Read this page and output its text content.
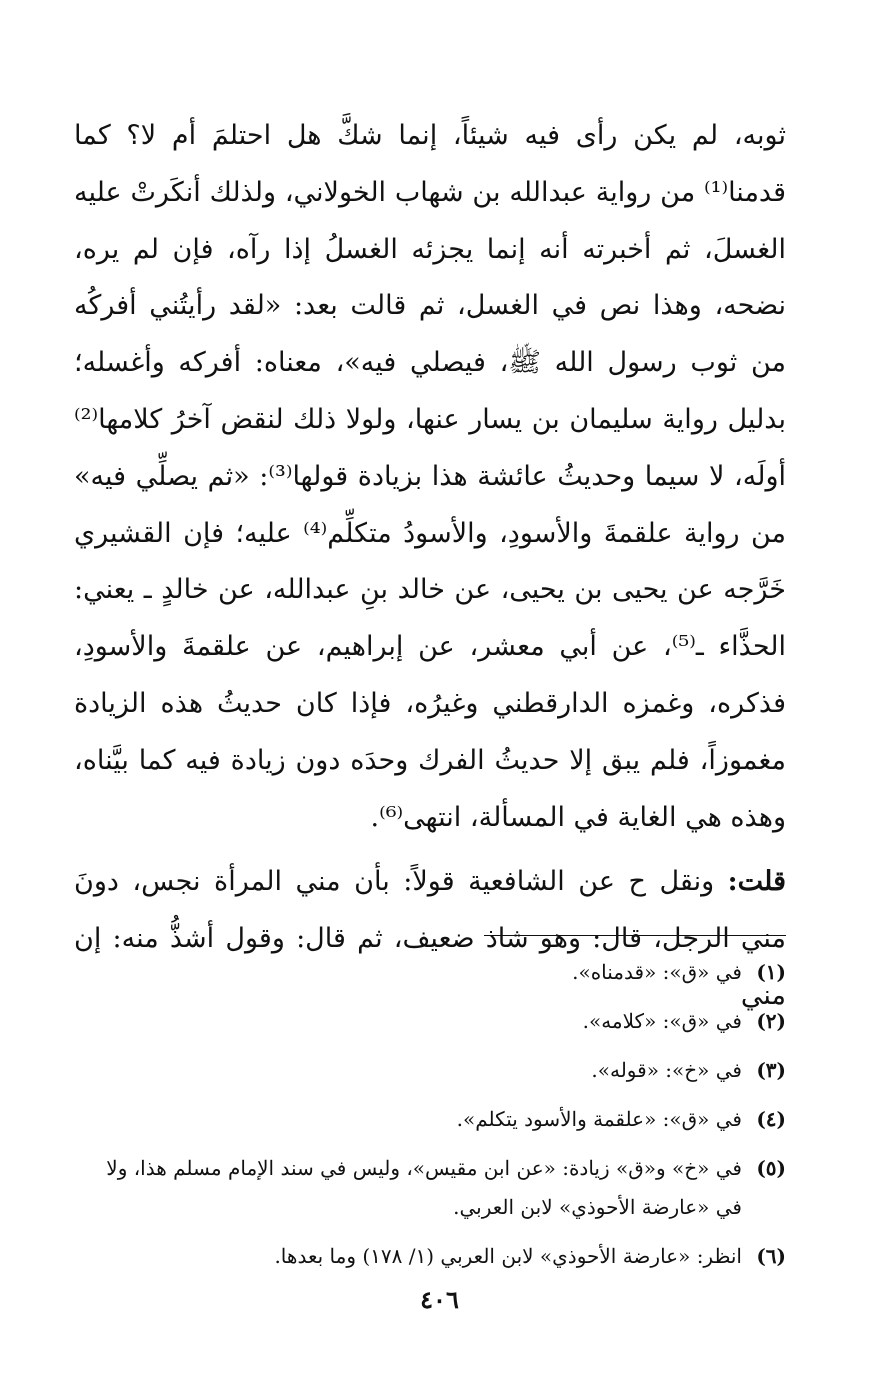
ثوبه، لم يكن رأى فيه شيئاً، إنما شكَّ هل احتلمَ أم لا؟ كما قدمنا⁽¹⁾ من رواية عبدالله بن شهاب الخولاني، ولذلك أنكَرتْ عليه الغسلَ، ثم أخبرته أنه إنما يجزئه الغسلُ إذا رآه، فإن لم يره، نضحه، وهذا نص في الغسل، ثم قالت بعد: «لقد رأيتُني أفركُه من ثوب رسول الله ﷺ، فيصلي فيه»، معناه: أفركه وأغسله؛ بدليل رواية سليمان بن يسار عنها، ولولا ذلك لنقض آخرُ كلامها⁽²⁾ أولَه، لا سيما وحديثُ عائشة هذا بزيادة قولها⁽³⁾: «ثم يصلِّي فيه» من رواية علقمةَ والأسودِ، والأسودُ متكلِّم⁽⁴⁾ عليه؛ فإن القشيري خَرَّجه عن يحيى بن يحيى، عن خالد بنِ عبدالله، عن خالدٍ ـ يعني: الحذَّاء ـ⁽⁵⁾، عن أبي معشر، عن إبراهيم، عن علقمةَ والأسودِ، فذكره، وغمزه الدارقطني وغيرُه، فإذا كان حديثُ هذه الزيادة مغموزاً، فلم يبق إلا حديثُ الفرك وحدَه دون زيادة فيه كما بيَّناه، وهذه هي الغاية في المسألة، انتهى⁽⁶⁾.

قلت: ونقل ح عن الشافعية قولاً: بأن مني المرأة نجس، دونَ مني الرجل، قال: وهو شاذ ضعيف، ثم قال: وقول أشذُّ منه: إن مني

(١)
في «ق»: «قدمناه».
(٢)
في «ق»: «كلامه».
(٣)
في «خ»: «قوله».
(٤)
في «ق»: «علقمة والأسود يتكلم».
(٥)
في «خ» و«ق» زيادة: «عن ابن مقيس»، وليس في سند الإمام مسلم هذا، ولا في «عارضة الأحوذي» لابن العربي.
(٦)
انظر: «عارضة الأحوذي» لابن العربي (١/ ١٧٨) وما بعدها.
٤٠٦
